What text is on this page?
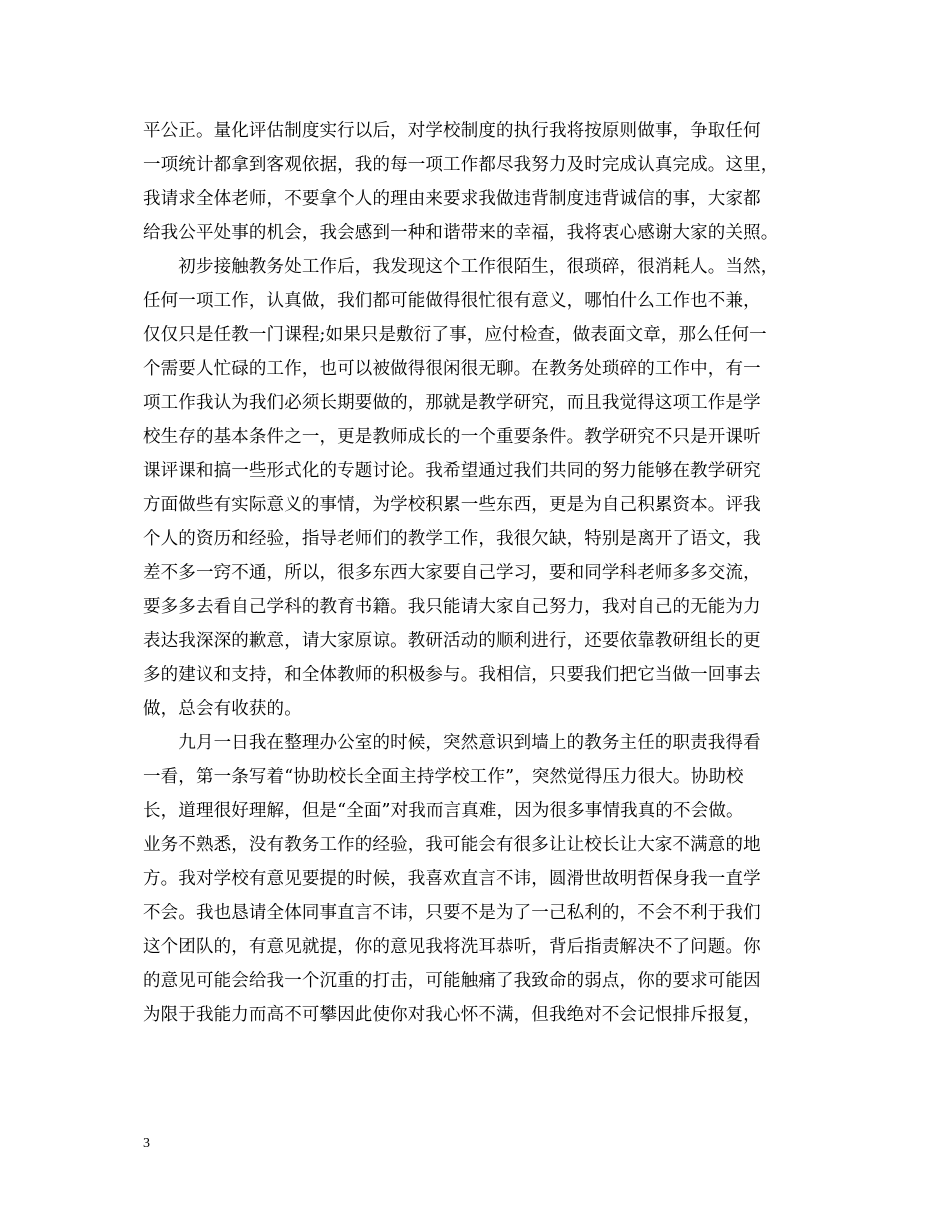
平公正。量化评估制度实行以后，对学校制度的执行我将按原则做事，争取任何
一项统计都拿到客观依据，我的每一项工作都尽我努力及时完成认真完成。这里，
我请求全体老师，不要拿个人的理由来要求我做违背制度违背诚信的事，大家都
给我公平处事的机会，我会感到一种和谐带来的幸福，我将衷心感谢大家的关照。
　　初步接触教务处工作后，我发现这个工作很陌生，很琐碎，很消耗人。当然，
任何一项工作，认真做，我们都可能做得很忙很有意义，哪怕什么工作也不兼，
仅仅只是任教一门课程;如果只是敷衍了事，应付检查，做表面文章，那么任何一
个需要人忙碌的工作，也可以被做得很闲很无聊。在教务处琐碎的工作中，有一
项工作我认为我们必须长期要做的，那就是教学研究，而且我觉得这项工作是学
校生存的基本条件之一，更是教师成长的一个重要条件。教学研究不只是开课听
课评课和搞一些形式化的专题讨论。我希望通过我们共同的努力能够在教学研究
方面做些有实际意义的事情，为学校积累一些东西，更是为自己积累资本。评我
个人的资历和经验，指导老师们的教学工作，我很欠缺，特别是离开了语文，我
差不多一窍不通，所以，很多东西大家要自己学习，要和同学科老师多多交流，
要多多去看自己学科的教育书籍。我只能请大家自己努力，我对自己的无能为力
表达我深深的歉意，请大家原谅。教研活动的顺利进行，还要依靠教研组长的更
多的建议和支持，和全体教师的积极参与。我相信，只要我们把它当做一回事去
做，总会有收获的。
　　九月一日我在整理办公室的时候，突然意识到墙上的教务主任的职责我得看
一看，第一条写着“协助校长全面主持学校工作”，突然觉得压力很大。协助校
长，道理很好理解，但是“全面”对我而言真难，因为很多事情我真的不会做。
业务不熟悉，没有教务工作的经验，我可能会有很多让让校长让大家不满意的地
方。我对学校有意见要提的时候，我喜欢直言不讳，圆滑世故明哲保身我一直学
不会。我也恳请全体同事直言不讳，只要不是为了一己私利的，不会不利于我们
这个团队的，有意见就提，你的意见我将洗耳恭听，背后指责解决不了问题。你
的意见可能会给我一个沉重的打击，可能触痛了我致命的弱点，你的要求可能因
为限于我能力而高不可攀因此使你对我心怀不满，但我绝对不会记恨排斥报复，
3
